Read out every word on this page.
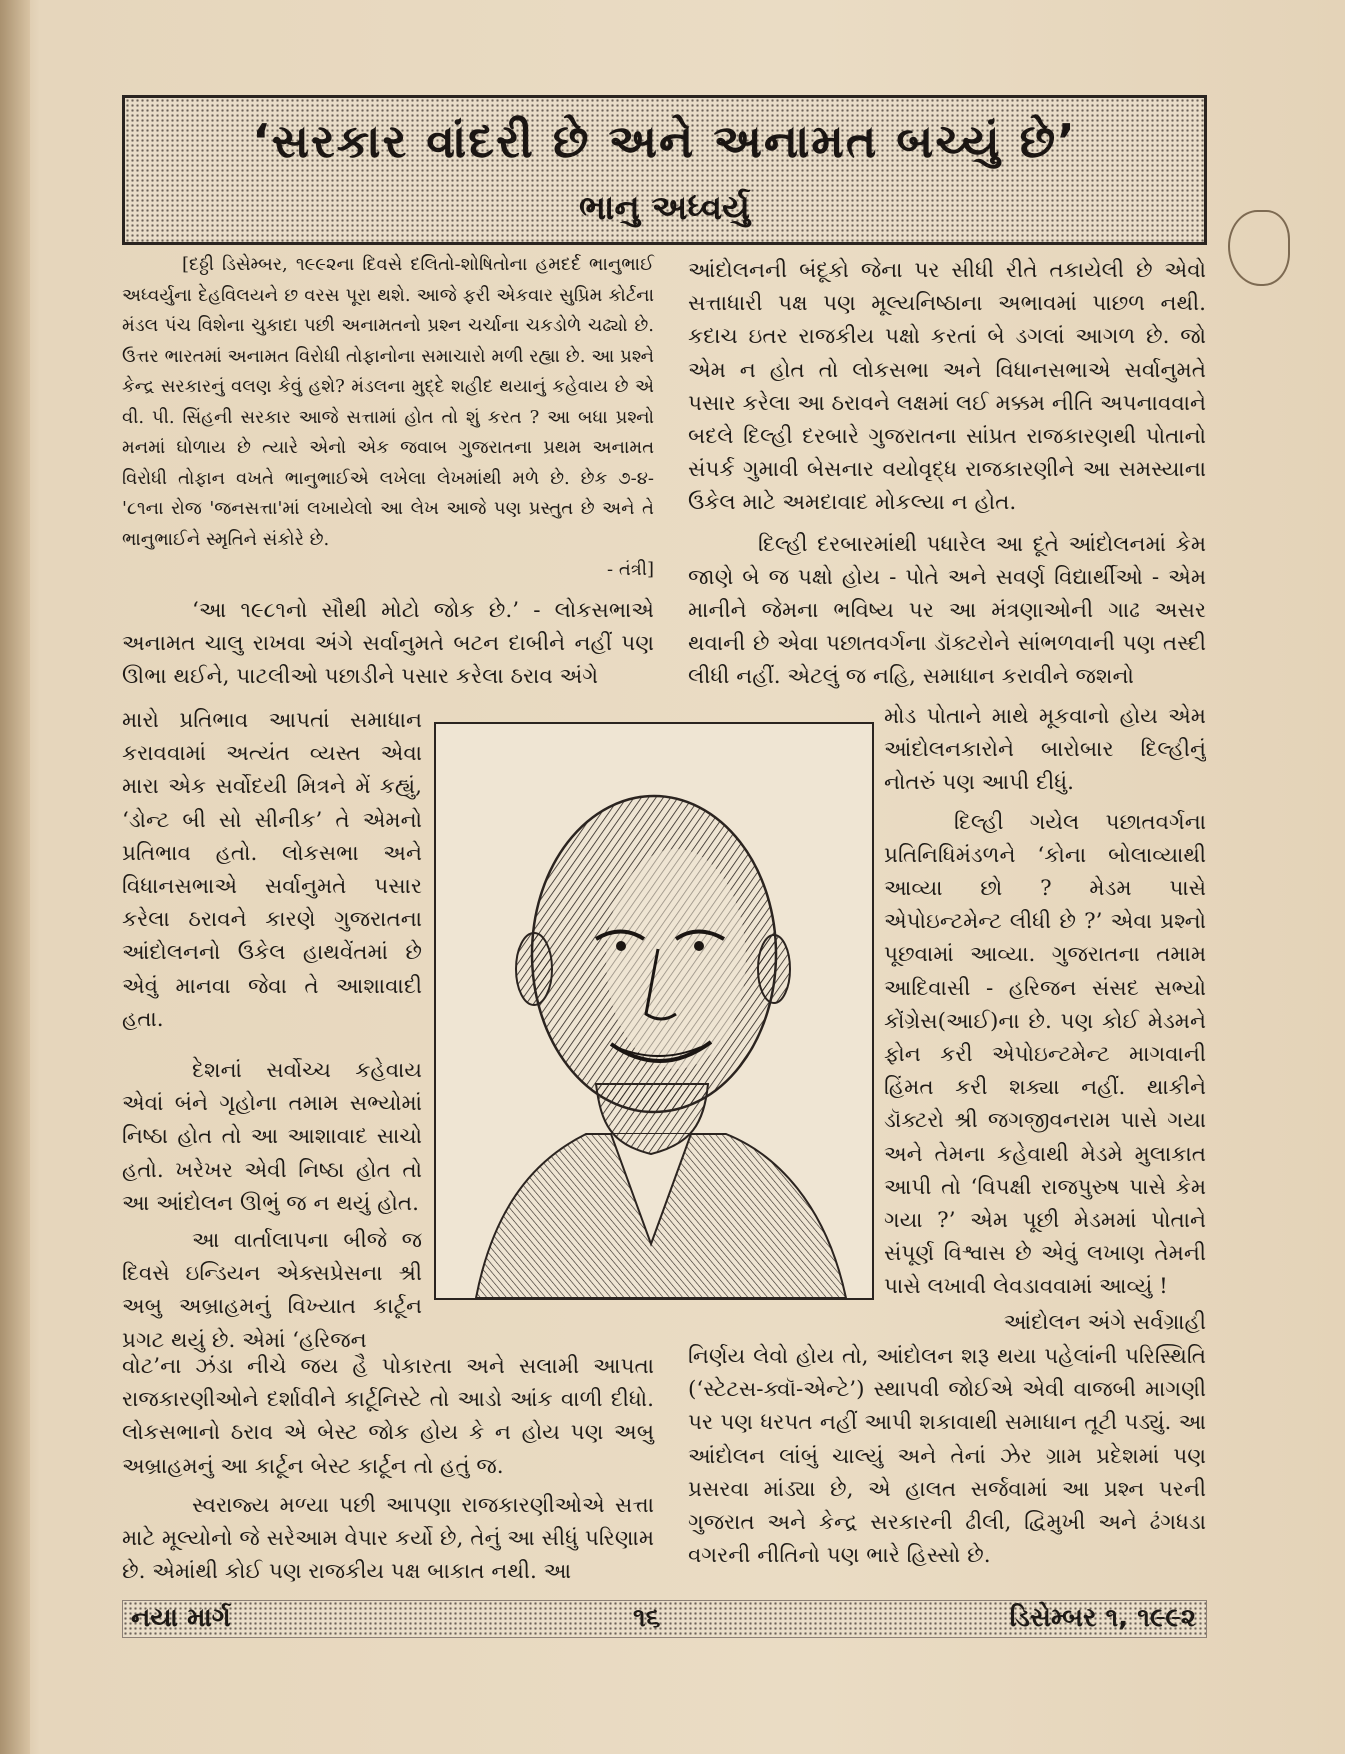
‘સરકાર વાંદરી છે અને અનામત બચ્યું છે’
ભાનુ અધ્વર્યુ

[દઠ્ઠી ડિસેમ્બર, ૧૯૯૨ના દિવસે દલિતો-શોષિતોના હમદર્દ ભાનુભાઈ અધ્વર્યુના દેહવિલયને છ વરસ પૂરા થશે. આજે ફરી એકવાર સુપ્રિમ કોર્ટના મંડલ પંચ વિશેના ચુકાદા પછી અનામતનો પ્રશ્ન ચર્ચાના ચકડોળે ચઢ્યો છે. ઉત્તર ભારતમાં અનામત વિરોધી તોફાનોના સમાચારો મળી રહ્યા છે. આ પ્રશ્ને કેન્દ્ર સરકારનું વલણ કેવું હશે? મંડલના મુદ્દે શહીદ થયાનું કહેવાય છે એ વી. પી. સિંહની સરકાર આજે સત્તામાં હોત તો શું કરત ? આ બધા પ્રશ્નો મનમાં ઘોળાય છે ત્યારે એનો એક જવાબ ગુજરાતના પ્રથમ અનામત વિરોધી તોફાન વખતે ભાનુભાઈએ લખેલા લેખમાંથી મળે છે. છેક ૭-૪- '૮૧ના રોજ 'જનસત્તા'માં લખાયેલો આ લેખ આજે પણ પ્રસ્તુત છે અને તે ભાનુભાઈને સ્મૃતિને સંકોરે છે.

- તંત્રી]

‘આ ૧૯૮૧નો સૌથી મોટો જોક છે.’ - લોકસભાએ અનામત ચાલુ રાખવા અંગે સર્વાનુમતે બટન દાબીને નહીં પણ ઊભા થઈને, પાટલીઓ પછાડીને પસાર કરેલા ઠરાવ અંગે

મારો પ્રતિભાવ આપતાં સમાધાન કરાવવામાં અત્યંત વ્યસ્ત એવા મારા એક સર્વોદયી મિત્રને મેં કહ્યું, ‘ડોન્ટ બી સો સીનીક’ તે એમનો પ્રતિભાવ હતો. લોકસભા અને વિધાનસભાએ સર્વાનુમતે પસાર કરેલા ઠરાવને કારણે ગુજરાતના આંદોલનનો ઉકેલ હાથવેંતમાં છે એવું માનવા જેવા તે આશાવાદી હતા.

દેશનાં સર્વોચ્ચ કહેવાય એવાં બંને ગૃહોના તમામ સભ્યોમાં નિષ્ઠા હોત તો આ આશાવાદ સાચો હતો. ખરેખર એવી નિષ્ઠા હોત તો આ આંદોલન ઊભું જ ન થયું હોત.

આ વાર્તાલાપના બીજે જ દિવસે ઇન્ડિયન એક્સપ્રેસના શ્રી અબુ અબ્રાહમનું વિખ્યાત કાર્ટૂન પ્રગટ થયું છે. એમાં ‘હરિજન

વોટ’ના ઝંડા નીચે જય હૈ પોકારતા અને સલામી આપતા રાજકારણીઓને દર્શાવીને કાર્ટૂનિસ્ટે તો આડો આંક વાળી દીધો. લોકસભાનો ઠરાવ એ બેસ્ટ જોક હોય કે ન હોય પણ અબુ અબ્રાહમનું આ કાર્ટૂન બેસ્ટ કાર્ટૂન તો હતું જ.

સ્વરાજ્ય મળ્યા પછી આપણા રાજકારણીઓએ સત્તા માટે મૂલ્યોનો જે સરેઆમ વેપાર કર્યો છે, તેનું આ સીધું પરિણામ છે. એમાંથી કોઈ પણ રાજકીય પક્ષ બાકાત નથી. આ

આંદોલનની બંદૂકો જેના પર સીધી રીતે તકાયેલી છે એવો સત્તાધારી પક્ષ પણ મૂલ્યનિષ્ઠાના અભાવમાં પાછળ નથી. કદાચ ઇતર રાજકીય પક્ષો કરતાં બે ડગલાં આગળ છે. જો એમ ન હોત તો લોકસભા અને વિધાનસભાએ સર્વાનુમતે પસાર કરેલા આ ઠરાવને લક્ષમાં લઈ મક્કમ નીતિ અપનાવવાને બદલે દિલ્હી દરબારે ગુજરાતના સાંપ્રત રાજકારણથી પોતાનો સંપર્ક ગુમાવી બેસનાર વયોવૃદ્ધ રાજકારણીને આ સમસ્યાના ઉકેલ માટે અમદાવાદ મોકલ્યા ન હોત.

દિલ્હી દરબારમાંથી પધારેલ આ દૂતે આંદોલનમાં કેમ જાણે બે જ પક્ષો હોય - પોતે અને સવર્ણ વિદ્યાર્થીઓ - એમ માનીને જેમના ભવિષ્ય પર આ મંત્રણાઓની ગાઢ અસર થવાની છે એવા પછાતવર્ગના ડૉક્ટરોને સાંભળવાની પણ તસ્દી લીધી નહીં. એટલું જ નહિ, સમાધાન કરાવીને જશનો

મોડ પોતાને માથે મૂકવાનો હોય એમ આંદોલનકારોને બારોબાર દિલ્હીનું નોતરું પણ આપી દીધું.

દિલ્હી ગયેલ પછાતવર્ગના પ્રતિનિધિમંડળને ‘કોના બોલાવ્યાથી આવ્યા છો ? મેડમ પાસે એપોઇન્ટમેન્ટ લીધી છે ?’ એવા પ્રશ્નો પૂછવામાં આવ્યા. ગુજરાતના તમામ આદિવાસી - હરિજન સંસદ સભ્યો કોંગ્રેસ(આઈ)ના છે. પણ કોઈ મેડમને ફોન કરી એપોઇન્ટમેન્ટ માગવાની હિંમત કરી શક્યા નહીં. થાકીને ડૉક્ટરો શ્રી જગજીવનરામ પાસે ગયા અને તેમના કહેવાથી મેડમે મુલાકાત આપી તો ‘વિપક્ષી રાજપુરુષ પાસે કેમ ગયા ?’ એમ પૂછી મેડમમાં પોતાને સંપૂર્ણ વિશ્વાસ છે એવું લખાણ તેમની પાસે લખાવી લેવડાવવામાં આવ્યું !

આંદોલન અંગે સર્વગ્રાહી

નિર્ણય લેવો હોય તો, આંદોલન શરૂ થયા પહેલાંની પરિસ્થિતિ (‘સ્ટેટસ-ક્વૉ-એન્ટે’) સ્થાપવી જોઈએ એવી વાજબી માગણી પર પણ ધરપત નહીં આપી શકાવાથી સમાધાન તૂટી પડ્યું. આ આંદોલન લાંબું ચાલ્યું અને તેનાં ઝેર ગ્રામ પ્રદેશમાં પણ પ્રસરવા માંડ્યા છે, એ હાલત સર્જવામાં આ પ્રશ્ન પરની ગુજરાત અને કેન્દ્ર સરકારની ઢીલી, દ્વિમુખી અને ઢંગધડા વગરની નીતિનો પણ ભારે હિસ્સો છે.

નયા માર્ગ	૧૬	ડિસેમ્બર ૧, ૧૯૯૨
